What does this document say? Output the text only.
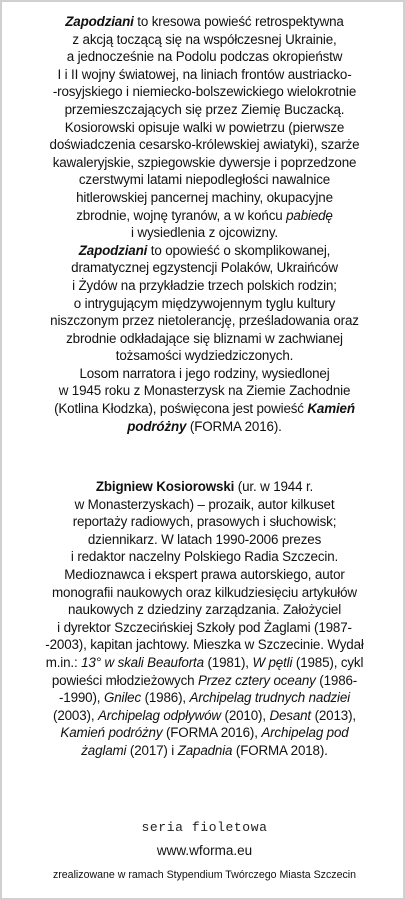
Zapodziani to kresowa powieść retrospektywna
z akcją toczącą się na współczesnej Ukrainie,
a jednocześnie na Podolu podczas okropieństw
I i II wojny światowej, na liniach frontów austriacko-
-rosyjskiego i niemiecko-bolszewickiego wielokrotnie
przemieszczających się przez Ziemię Buczacką.
Kosiorowski opisuje walki w powietrzu (pierwsze
doświadczenia cesarsko-królewskiej awiatyki), szarże
kawaleryjskie, szpiegowskie dywersje i poprzedzone
czerstwymi latami niepodległości nawalnice
hitlerowskiej pancernej machiny, okupacyjne
zbrodnie, wojnę tyranów, a w końcu pabiedę
i wysiedlenia z ojcowizny.
Zapodziani to opowieść o skomplikowanej,
dramatycznej egzystencji Polaków, Ukraińców
i Żydów na przykładzie trzech polskich rodzin;
o intrygującym międzywojennym tyglu kultury
niszczonym przez nietolerancję, prześladowania oraz
zbrodnie odkładające się bliznami w zachwianej
tożsamości wydziedziczonych.
Losom narratora i jego rodziny, wysiedlonej
w 1945 roku z Monasterzysk na Ziemie Zachodnie
(Kotlina Kłodzka), poświęcona jest powieść Kamień
podróżny (FORMA 2016).
Zbigniew Kosiorowski (ur. w 1944 r.
w Monasterzyskach) – prozaik, autor kilkuset
reportaży radiowych, prasowych i słuchowisk;
dziennikarz. W latach 1990-2006 prezes
i redaktor naczelny Polskiego Radia Szczecin.
Medioznawca i ekspert prawa autorskiego, autor
monografii naukowych oraz kilkudziesięciu artykułów
naukowych z dziedziny zarządzania. Założyciel
i dyrektor Szczecińskiej Szkoły pod Żaglami (1987-
-2003), kapitan jachtowy. Mieszka w Szczecinie. Wydał
m.in.: 13° w skali Beauforta (1981), W pętli (1985), cykl
powieści młodzieżowych Przez cztery oceany (1986-
-1990), Gnilec (1986), Archipelag trudnych nadziei
(2003), Archipelag odpływów (2010), Desant (2013),
Kamień podróżny (FORMA 2016), Archipelag pod
żaglami (2017) i Zapadnia (FORMA 2018).
seria fioletowa
www.wforma.eu
zrealizowane w ramach Stypendium Twórczego Miasta Szczecin
